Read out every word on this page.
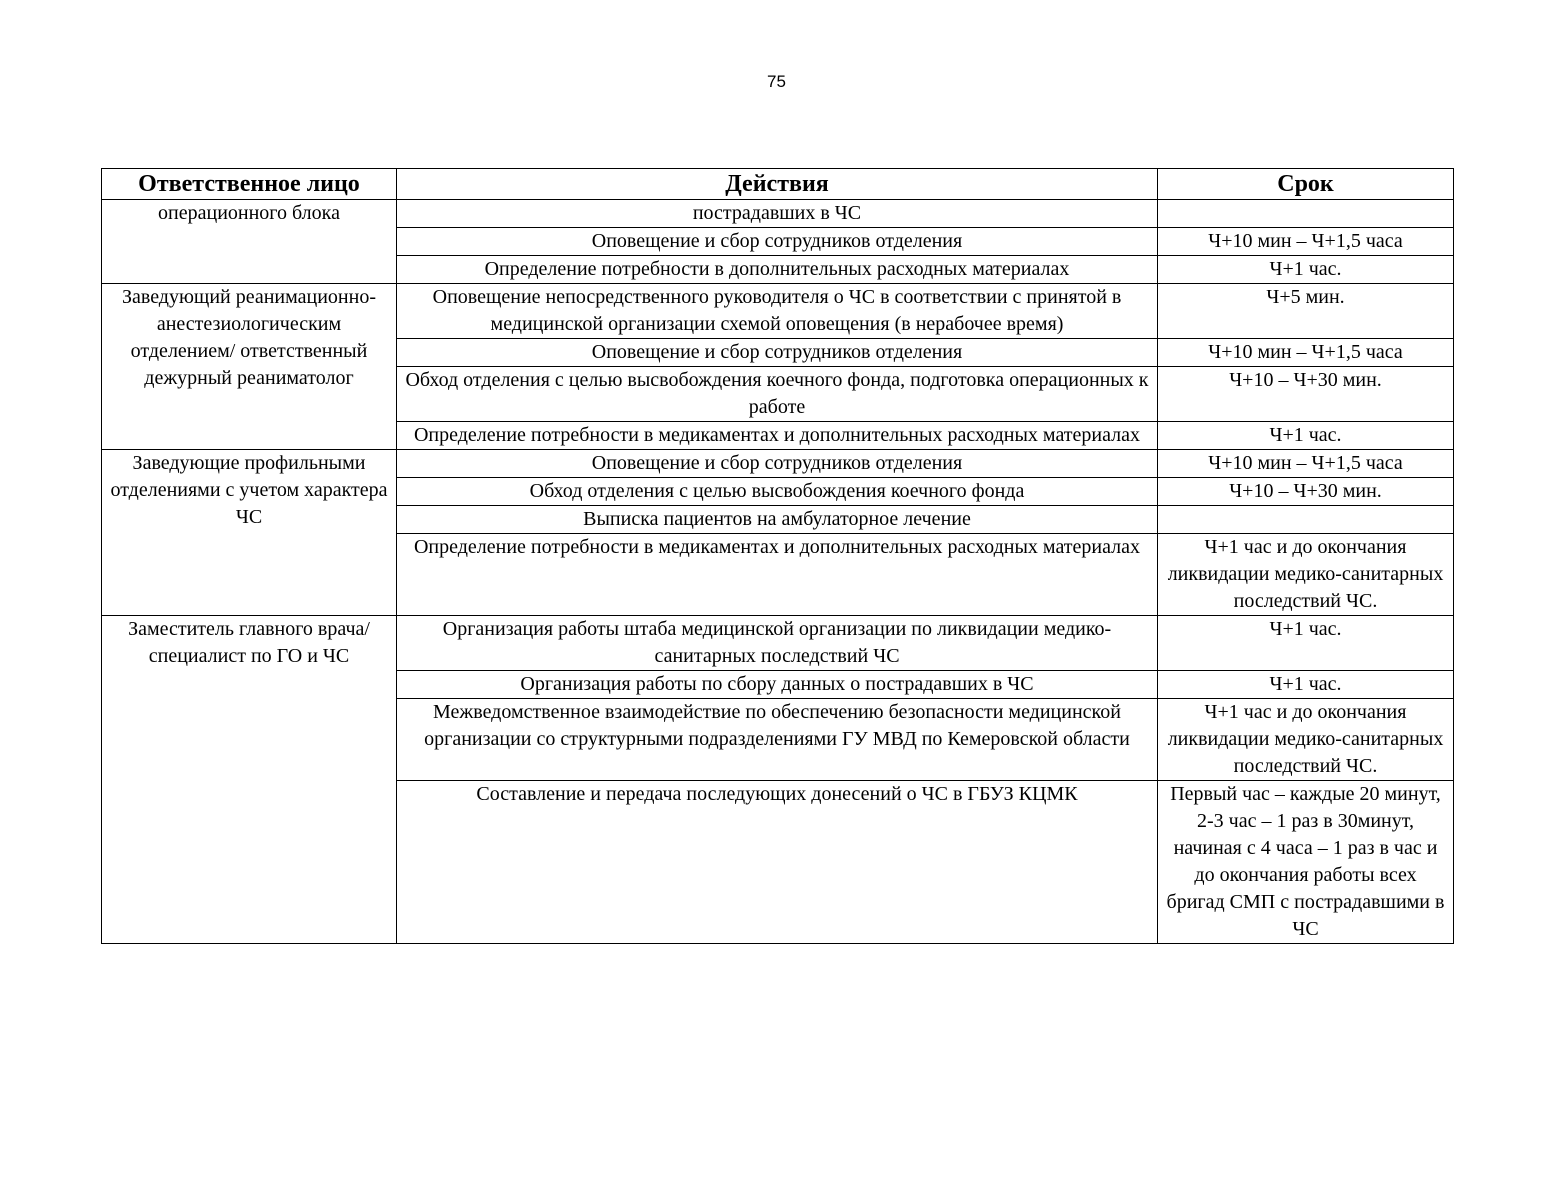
75
Ответственное лицо	Действия	Срок
операционного блока	пострадавших в ЧС	
	Оповещение и сбор сотрудников отделения	Ч+10 мин – Ч+1,5 часа
	Определение потребности в дополнительных расходных материалах	Ч+1 час.
Заведующий реанимационно-анестезиологическим отделением/ ответственный дежурный реаниматолог	Оповещение непосредственного руководителя о ЧС в соответствии с принятой в медицинской организации схемой оповещения (в нерабочее время)	Ч+5 мин.
	Оповещение и сбор сотрудников отделения	Ч+10 мин – Ч+1,5 часа
	Обход отделения с целью высвобождения коечного фонда, подготовка операционных к работе	Ч+10 – Ч+30 мин.
	Определение потребности в медикаментах и дополнительных расходных материалах	Ч+1 час.
Заведующие профильными отделениями с учетом характера ЧС	Оповещение и сбор сотрудников отделения	Ч+10 мин – Ч+1,5 часа
	Обход отделения с целью высвобождения коечного фонда	Ч+10 – Ч+30 мин.
	Выписка пациентов на амбулаторное лечение	
	Определение потребности в медикаментах и дополнительных расходных материалах	Ч+1 час и до окончания ликвидации медико-санитарных последствий ЧС.
Заместитель главного врача/специалист по ГО и ЧС	Организация работы штаба медицинской организации по ликвидации медико-санитарных последствий ЧС	Ч+1 час.
	Организация работы по сбору данных о пострадавших в ЧС	Ч+1 час.
	Межведомственное взаимодействие по обеспечению безопасности медицинской организации со структурными подразделениями ГУ МВД по Кемеровской области	Ч+1 час и до окончания ликвидации медико-санитарных последствий ЧС.
	Составление и передача последующих донесений о ЧС в ГБУЗ КЦМК	Первый час – каждые 20 минут, 2-3 час – 1 раз в 30минут, начиная с 4 часа – 1 раз в час и до окончания работы всех бригад СМП с пострадавшими в ЧС
